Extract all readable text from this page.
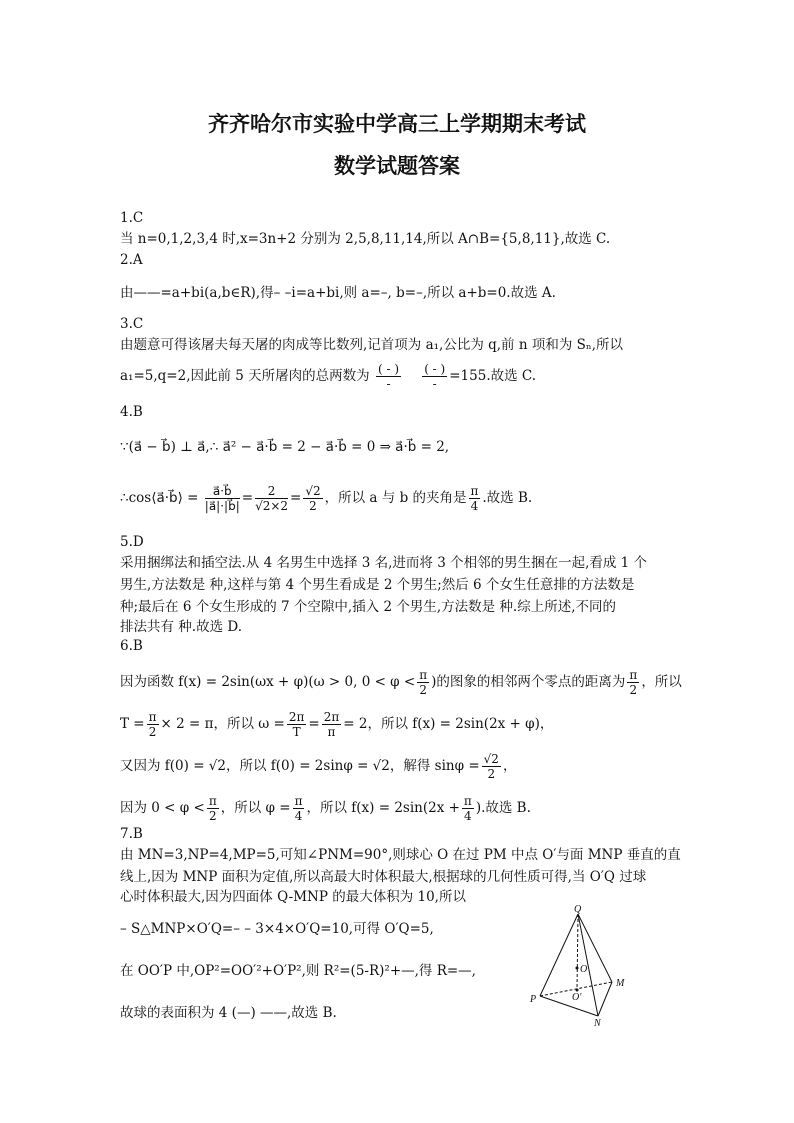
齐齐哈尔市实验中学高三上学期期末考试
数学试题答案
1.C
当 n=0,1,2,3,4 时,x=3n+2 分别为 2,5,8,11,14,所以 A∩B={5,8,11},故选 C.
2.A
由——=a+bi(a,b∈R),得– –i=a+bi,则 a=–, b=–,所以 a+b=0.故选 A.
3.C
由题意可得该屠夫每天屠的肉成等比数列,记首项为 a₁,公比为 q,前 n 项和为 Sₙ,所以
a₁=5,q=2,因此前 5 天所屠肉的总两数为 $\frac{( - )}{-}$
$\frac{( - )}{-} =155$.故选 C.
4.B
∵(a⃗ − b⃗) ⊥ a⃗,∴ a⃗² − a⃗·b⃗ = 2 − a⃗·b⃗ = 0 ⇒ a⃗·b⃗ = 2,
∴cos⟨a⃗·b⃗⟩ = $\frac{a⃗\cdot b⃗}{|a⃗|\cdot|b⃗|} = \frac{2}{√2\times 2} = \frac{√2}{2}$ ，所以 a 与 b 的夹角是 $\frac{\pi}{4}$ .故选 B.
5.D
采用捆绑法和插空法.从 4 名男生中选择 3 名,进而将 3 个相邻的男生捆在一起,看成 1 个
男生,方法数是 种,这样与第 4 个男生看成是 2 个男生;然后 6 个女生任意排的方法数是
种;最后在 6 个女生形成的 7 个空隙中,插入 2 个男生,方法数是 种.综上所述,不同的
排法共有 种.故选 D.
6.B
因为函数 f(x) = 2sin(ωx + φ)(ω > 0, $0 < \varphi < \frac{\pi}{2}$ )的图象的相邻两个零点的距离为 $\frac{\pi}{2}$ ，所以
$T = \frac{\pi}{2} \times 2 = \pi$，所以 $\omega = \frac{2\pi}{T} = \frac{2\pi}{\pi} = 2$，所以 f(x) = 2sin(2x + φ)，
又因为 f(0) = √2，所以 f(0) = 2sinφ = √2，解得 $\sin\varphi = \frac{√2}{2}$ ，
因为 $0 < \varphi < \frac{\pi}{2}$ ，所以 $\varphi = \frac{\pi}{4}$ ，所以 $f(x) = 2\sin(2x + \frac{\pi}{4}$ ).故选 B.
7.B
由 MN=3,NP=4,MP=5,可知∠PNM=90°,则球心 O 在过 PM 中点 O′与面 MNP 垂直的直
线上,因为 MNP 面积为定值,所以高最大时体积最大,根据球的几何性质可得,当 O′Q 过球
心时体积最大,因为四面体 Q-MNP 的最大体积为 10,所以
– S△MNP×O′Q=– – 3×4×O′Q=10,可得 O′Q=5,
在 OO′P 中,OP²=OO′²+O′P²,则 R²=(5-R)²+—,得 R=—,
故球的表面积为 4 (—) ——,故选 B.
Q
O
O′
P
M
N
